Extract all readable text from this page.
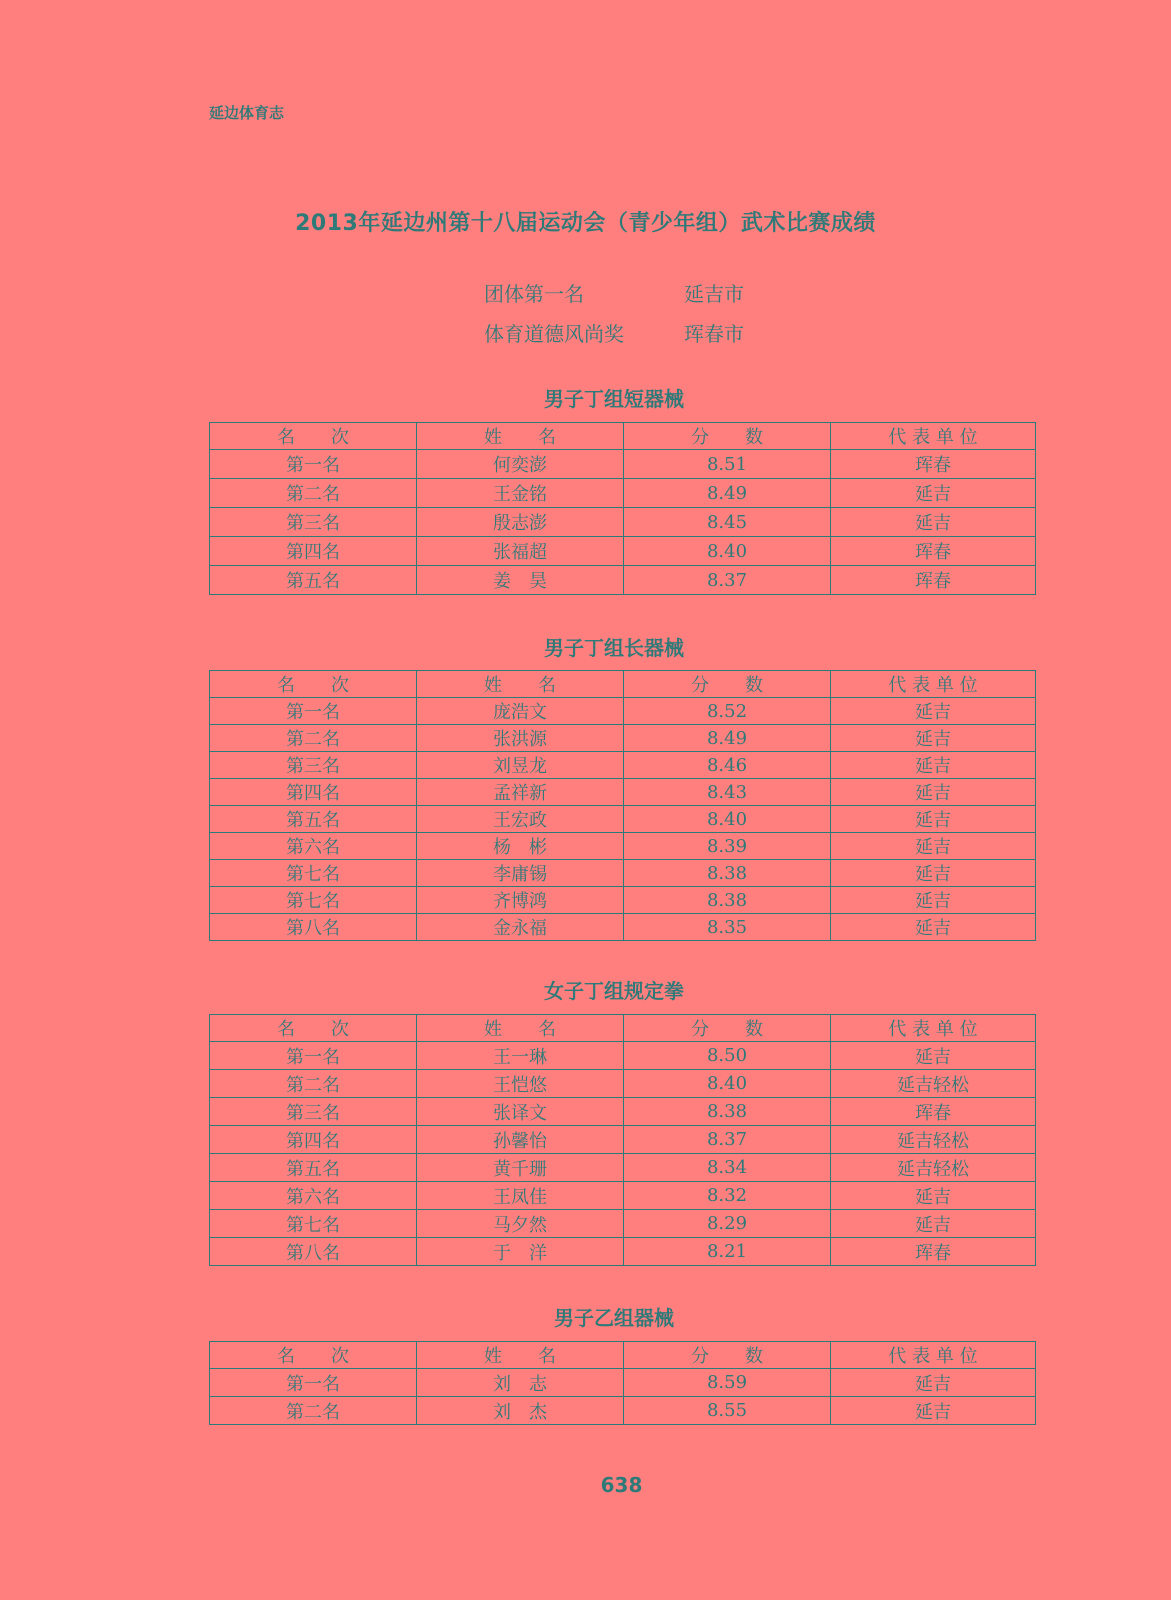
延边体育志
2013年延边州第十八届运动会（青少年组）武术比赛成绩
团体第一名	延吉市
体育道德风尚奖	珲春市
男子丁组短器械
名　　次	姓　　名	分　　数	代 表 单 位
第一名	何奕澎	8.51	珲春
第二名	王金铭	8.49	延吉
第三名	殷志澎	8.45	延吉
第四名	张福超	8.40	珲春
第五名	姜　昊	8.37	珲春
男子丁组长器械
名　　次	姓　　名	分　　数	代 表 单 位
第一名	庞浩文	8.52	延吉
第二名	张洪源	8.49	延吉
第三名	刘昱龙	8.46	延吉
第四名	孟祥新	8.43	延吉
第五名	王宏政	8.40	延吉
第六名	杨　彬	8.39	延吉
第七名	李庸锡	8.38	延吉
第七名	齐博鸿	8.38	延吉
第八名	金永福	8.35	延吉
女子丁组规定拳
名　　次	姓　　名	分　　数	代 表 单 位
第一名	王一琳	8.50	延吉
第二名	王恺悠	8.40	延吉轻松
第三名	张译文	8.38	珲春
第四名	孙馨怡	8.37	延吉轻松
第五名	黄千珊	8.34	延吉轻松
第六名	王凤佳	8.32	延吉
第七名	马夕然	8.29	延吉
第八名	于　洋	8.21	珲春
男子乙组器械
名　　次	姓　　名	分　　数	代 表 单 位
第一名	刘　志	8.59	延吉
第二名	刘　杰	8.55	延吉
638
